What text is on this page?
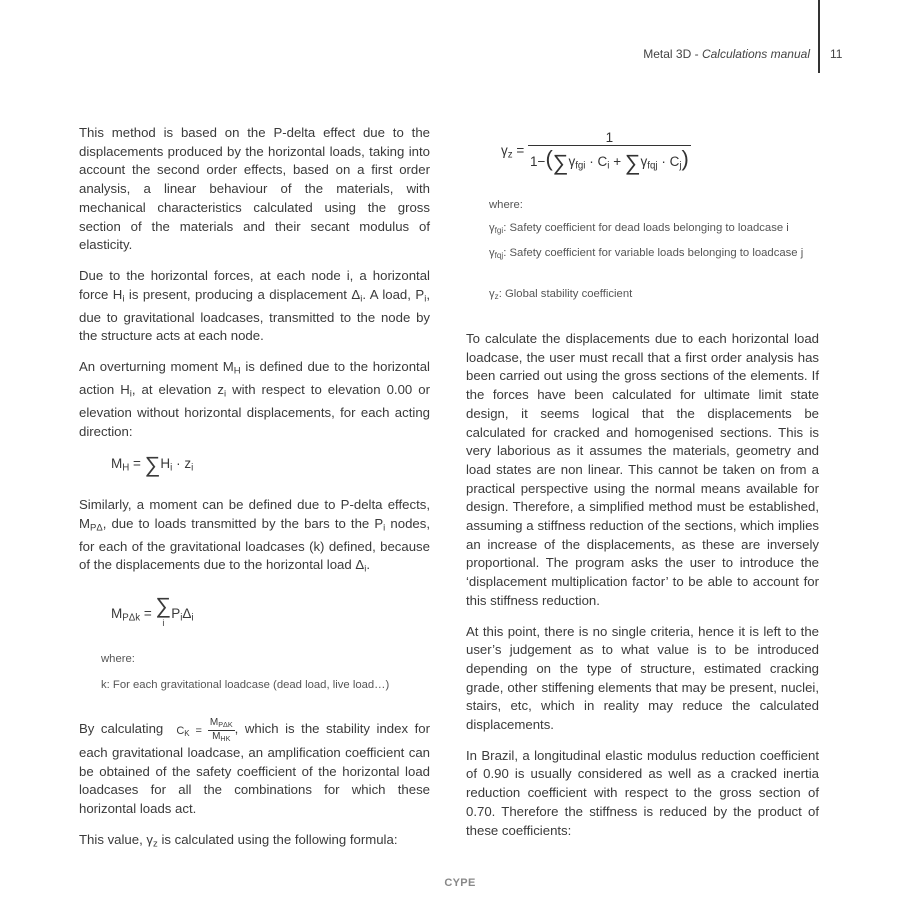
Metal 3D - Calculations manual 11

This method is based on the P-delta effect due to the displacements produced by the horizontal loads, taking into account the second order effects, based on a first order analysis, a linear behaviour of the materials, with mechanical characteristics calculated using the gross section of the materials and their secant modulus of elasticity.

Due to the horizontal forces, at each node i, a horizontal force $H_i$ is present, producing a displacement $\Delta_i$. A load, $P_i$, due to gravitational loadcases, transmitted to the node by the structure acts at each node.

An overturning moment $M_H$ is defined due to the horizontal action $H_i$, at elevation $z_i$ with respect to elevation 0.00 or elevation without horizontal displacements, for each acting direction:

$M_H = \sum H_i \cdot z_i$

Similarly, a moment can be defined due to P-delta effects, $M_{P\Delta}$, due to loads transmitted by the bars to the $P_i$ nodes, for each of the gravitational loadcases (k) defined, because of the displacements due to the horizontal load $\Delta_i$.

$M_{P\Delta k}$ = ∑
i
$P_i\Delta_i$
where:
k: For each gravitational loadcase (dead load, live load…)

By calculating $C_K = \frac{M_{P\Delta K}}{M_{HK}}$ , which is the stability index for each gravitational loadcase, an amplification coefficient can be obtained of the safety coefficient of the horizontal load loadcases for all the combinations for which these horizontal loads act.

This value, $\gamma_z$ is calculated using the following formula:

$\gamma_z = \frac{1}{1-(\sum\gamma_{fgi} \cdot C_i + \sum\gamma_{fqj} \cdot C_j)}$
where:
$\gamma_{fgi}$: Safety coefficient for dead loads belonging to loadcase i
$\gamma_{fqj}$: Safety coefficient for variable loads belonging to loadcase j
$\gamma_z$: Global stability coefficient

To calculate the displacements due to each horizontal load loadcase, the user must recall that a first order analysis has been carried out using the gross sections of the elements. If the forces have been calculated for ultimate limit state design, it seems logical that the displacements be calculated for cracked and homogenised sections. This is very laborious as it assumes the materials, geometry and load states are non linear. This cannot be taken on from a practical perspective using the normal means available for design. Therefore, a simplified method must be established, assuming a stiffness reduction of the sections, which implies an increase of the displacements, as these are inversely proportional. The program asks the user to introduce the ‘displacement multiplication factor’ to be able to account for this stiffness reduction.

At this point, there is no single criteria, hence it is left to the user’s judgement as to what value is to be introduced depending on the type of structure, estimated cracking grade, other stiffening elements that may be present, nuclei, stairs, etc, which in reality may reduce the calculated displacements.

In Brazil, a longitudinal elastic modulus reduction coefficient of 0.90 is usually considered as well as a cracked inertia reduction coefficient with respect to the gross section of 0.70. Therefore the stiffness is reduced by the product of these coefficients:

CYPE
